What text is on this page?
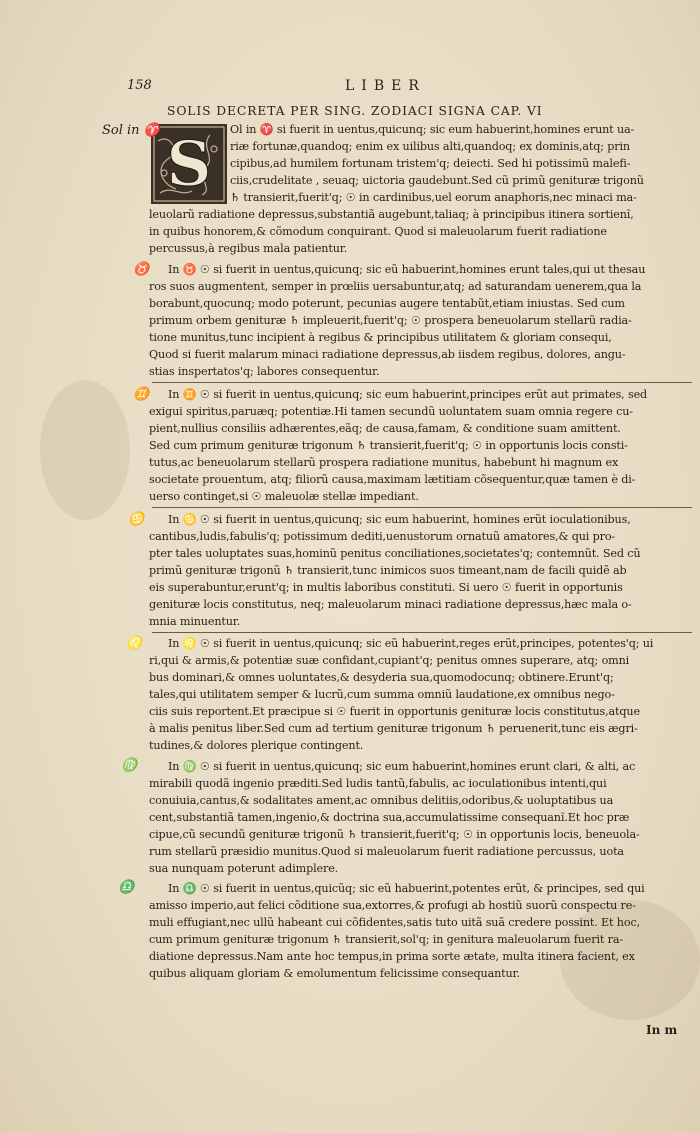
158	LIBER
SOLIS DECRETA PER SING. ZODIACI SIGNA CAP. VI
S
Sol in ♈
♉
♊
♋
♌
♍
♎
Ol in ♈ si fuerit in uentus,quicunq; sic eum habuerint,homines erunt ua-
riæ fortunæ,quandoq; enim ex uilibus alti,quandoq; ex dominis,atq; prin
cipibus,ad humilem fortunam tristem'q; deiecti. Sed hi potissimũ malefi-
ciis,crudelitate , seuaq; uictoria gaudebunt.Sed cũ primũ genituræ trigonũ
♄ transierit,fuerit'q; ☉ in cardinibus,uel eorum anaphoris,nec minaci ma-
leuolarũ radiatione depressus,substantiã augebunt,taliaq; à principibus itinera sortienĩ,
in quibus honorem,& cõmodum conquirant. Quod si maleuolarum fuerit radiatione
percussus,à regibus mala patientur.
In ♉ ☉ si fuerit in uentus,quicunq; sic eũ habuerint,homines erunt tales,qui ut thesau
ros suos augmentent, semper in prœliis uersabuntur,atq; ad saturandam uenerem,qua la
borabunt,quocunq; modo poterunt, pecunias augere tentabũt,etiam iniustas. Sed cum
primum orbem genituræ ♄ impleuerit,fuerit'q; ☉ prospera beneuolarum stellarũ radia-
tione munitus,tunc incipient à regibus & principibus utilitatem & gloriam consequi,
Quod si fuerit malarum minaci radiatione depressus,ab iisdem regibus, dolores, angu-
stias inspertatos'q; labores consequentur.
In ♊ ☉ si fuerit in uentus,quicunq; sic eum habuerint,principes erũt aut primates, sed
exigui spiritus,paruæq; potentiæ.Hi tamen secundũ uoluntatem suam omnia regere cu-
pient,nullius consiliis adhærentes,eãq; de causa,famam, & conditione suam amittent.
Sed cum primum genituræ trigonum ♄ transierit,fuerit'q; ☉ in opportunis locis consti-
tutus,ac beneuolarum stellarũ prospera radiatione munitus, habebunt hi magnum ex
societate prouentum, atq; filiorũ causa,maximam lætitiam cõsequentur,quæ tamen è di-
uerso continget,si ☉ maleuolæ stellæ impediant.
In ♋ ☉ si fuerit in uentus,quicunq; sic eum habuerint, homines erũt ioculationibus,
cantibus,ludis,fabulis'q; potissimum dediti,uenustorum ornatuũ amatores,& qui pro-
pter tales uoluptates suas,hominũ penitus conciliationes,societates'q; contemnũt. Sed cũ
primũ genituræ trigonũ ♄ transierit,tunc inimicos suos timeant,nam de facili quidẽ ab
eis superabuntur,erunt'q; in multis laboribus constituti. Si uero ☉ fuerit in opportunis
genituræ locis constitutus, neq; maleuolarum minaci radiatione depressus,hæc mala o-
mnia minuentur.
In ♌ ☉ si fuerit in uentus,quicunq; sic eũ habuerint,reges erũt,principes, potentes'q; ui
ri,qui & armis,& potentiæ suæ confidant,cupiant'q; penitus omnes superare, atq; omni
bus dominari,& omnes uoluntates,& desyderia sua,quomodocunq; obtinere.Erunt'q;
tales,qui utilitatem semper & lucrũ,cum summa omniũ laudatione,ex omnibus nego-
ciis suis reportent.Et præcipue si ☉ fuerit in opportunis genituræ locis constitutus,atque
à malis penitus liber.Sed cum ad tertium genituræ trigonum ♄ peruenerit,tunc eis ægri-
tudines,& dolores plerique contingent.
In ♍ ☉ si fuerit in uentus,quicunq; sic eum habuerint,homines erunt clari, & alti, ac
mirabili quodã ingenio præditi.Sed ludis tantũ,fabulis, ac ioculationibus intenti,qui
conuiuia,cantus,& sodalitates ament,ac omnibus delitiis,odoribus,& uoluptatibus ua
cent,substantiã tamen,ingenio,& doctrina sua,accumulatissime consequanĩ.Et hoc præ
cipue,cũ secundũ genituræ trigonũ ♄ transierit,fuerit'q; ☉ in opportunis locis, beneuola-
rum stellarũ præsidio munitus.Quod si maleuolarum fuerit radiatione percussus, uota
sua nunquam poterunt adimplere.
In ♎ ☉ si fuerit in uentus,quicũq; sic eũ habuerint,potentes erũt, & principes, sed qui
amisso imperio,aut felici cõditione sua,extorres,& profugi ab hostiũ suorũ conspectu re-
muli effugiant,nec ullũ habeant cui cõfidentes,satis tuto uitã suã credere possint. Et hoc,
cum primum genituræ trigonum ♄ transierit,sol'q; in genitura maleuolarum fuerit ra-
diatione depressus.Nam ante hoc tempus,in prima sorte ætate, multa itinera facient, ex
quibus aliquam gloriam & emolumentum felicissime consequantur.
In m
